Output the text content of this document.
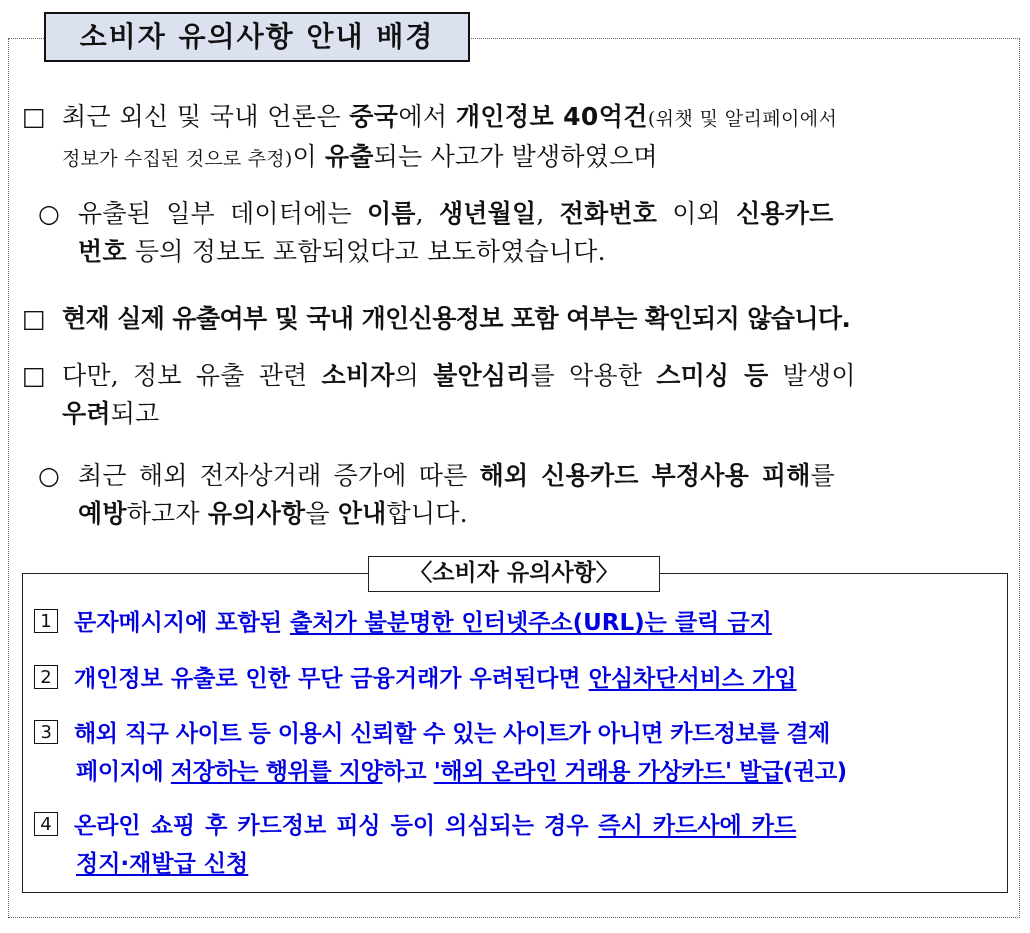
소비자 유의사항 안내 배경
□ 최근 외신 및 국내 언론은 중국에서 개인정보 40억건(위챗 및 알리페이에서
정보가 수집된 것으로 추정)이 유출되는 사고가 발생하였으며
○ 유출된 일부 데이터에는 이름, 생년월일, 전화번호 이외 신용카드
번호 등의 정보도 포함되었다고 보도하였습니다.
□ 현재 실제 유출여부 및 국내 개인신용정보 포함 여부는 확인되지 않습니다.
□ 다만, 정보 유출 관련 소비자의 불안심리를 악용한 스미싱 등 발생이
우려되고
○ 최근 해외 전자상거래 증가에 따른 해외 신용카드 부정사용 피해를
예방하고자 유의사항을 안내합니다.
〈소비자 유의사항〉
1 문자메시지에 포함된 출처가 불분명한 인터넷주소(URL)는 클릭 금지
2 개인정보 유출로 인한 무단 금융거래가 우려된다면 안심차단서비스 가입
3 해외 직구 사이트 등 이용시 신뢰할 수 있는 사이트가 아니면 카드정보를 결제
페이지에 저장하는 행위를 지양하고 '해외 온라인 거래용 가상카드' 발급(권고)
4 온라인 쇼핑 후 카드정보 피싱 등이 의심되는 경우 즉시 카드사에 카드
정지·재발급 신청
